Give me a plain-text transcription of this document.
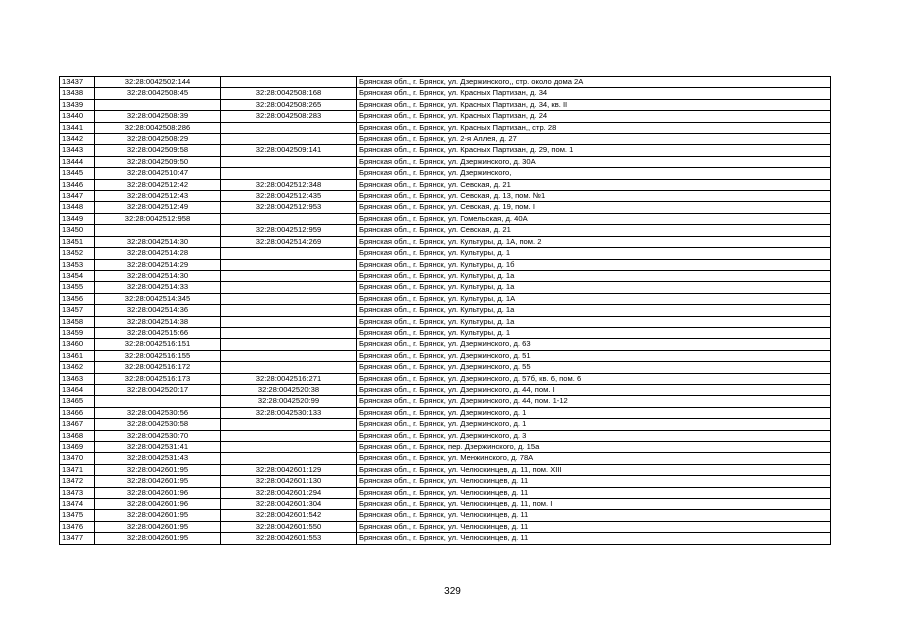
13437	32:28:0042502:144		Брянская обл., г. Брянск, ул. Дзержинского,, стр. около дома 2А
13438	32:28:0042508:45	32:28:0042508:168	Брянская обл., г. Брянск, ул. Красных Партизан, д. 34
13439		32:28:0042508:265	Брянская обл., г. Брянск, ул. Красных Партизан, д. 34, кв. II
13440	32:28:0042508:39	32:28:0042508:283	Брянская обл., г. Брянск, ул. Красных Партизан, д. 24
13441	32:28:0042508:286		Брянская обл., г. Брянск, ул. Красных Партизан,, стр. 28
13442	32:28:0042508:29		Брянская обл., г. Брянск, ул. 2-я Аллея, д. 27
13443	32:28:0042509:58	32:28:0042509:141	Брянская обл., г. Брянск, ул. Красных Партизан, д. 29, пом. 1
13444	32:28:0042509:50		Брянская обл., г. Брянск, ул. Дзержинского, д. 30А
13445	32:28:0042510:47		Брянская обл., г. Брянск, ул. Дзержинского,
13446	32:28:0042512:42	32:28:0042512:348	Брянская обл., г. Брянск, ул. Севская, д. 21
13447	32:28:0042512:43	32:28:0042512:435	Брянская обл., г. Брянск, ул. Севская, д. 13, пом. №1
13448	32:28:0042512:49	32:28:0042512:953	Брянская обл., г. Брянск, ул. Севская, д. 19, пом. I
13449	32:28:0042512:958		Брянская обл., г. Брянск, ул. Гомельская, д. 40А
13450		32:28:0042512:959	Брянская обл., г. Брянск, ул. Севская, д. 21
13451	32:28:0042514:30	32:28:0042514:269	Брянская обл., г. Брянск, ул. Культуры, д. 1А, пом. 2
13452	32:28:0042514:28		Брянская обл., г. Брянск, ул. Культуры, д. 1
13453	32:28:0042514:29		Брянская обл., г. Брянск, ул. Культуры, д. 1б
13454	32:28:0042514:30		Брянская обл., г. Брянск, ул. Культуры, д. 1а
13455	32:28:0042514:33		Брянская обл., г. Брянск, ул. Культуры, д. 1а
13456	32:28:0042514:345		Брянская обл., г. Брянск, ул. Культуры, д. 1А
13457	32:28:0042514:36		Брянская обл., г. Брянск, ул. Культуры, д. 1а
13458	32:28:0042514:38		Брянская обл., г. Брянск, ул. Культуры, д. 1а
13459	32:28:0042515:66		Брянская обл., г. Брянск, ул. Культуры, д. 1
13460	32:28:0042516:151		Брянская обл., г. Брянск, ул. Дзержинского, д. 63
13461	32:28:0042516:155		Брянская обл., г. Брянск, ул. Дзержинского, д. 51
13462	32:28:0042516:172		Брянская обл., г. Брянск, ул. Дзержинского, д. 55
13463	32:28:0042516:173	32:28:0042516:271	Брянская обл., г. Брянск, ул. Дзержинского, д. 57б, кв. 6, пом. 6
13464	32:28:0042520:17	32:28:0042520:38	Брянская обл., г. Брянск, ул. Дзержинского, д. 44, пом. I
13465		32:28:0042520:99	Брянская обл., г. Брянск, ул. Дзержинского, д. 44, пом. 1-12
13466	32:28:0042530:56	32:28:0042530:133	Брянская обл., г. Брянск, ул. Дзержинского, д. 1
13467	32:28:0042530:58		Брянская обл., г. Брянск, ул. Дзержинского, д. 1
13468	32:28:0042530:70		Брянская обл., г. Брянск, ул. Дзержинского, д. 3
13469	32:28:0042531:41		Брянская обл., г. Брянск, пер. Дзержинского, д. 15а
13470	32:28:0042531:43		Брянская обл., г. Брянск, ул. Менжинского, д. 78А
13471	32:28:0042601:95	32:28:0042601:129	Брянская обл., г. Брянск, ул. Челюскинцев, д. 11, пом. XIII
13472	32:28:0042601:95	32:28:0042601:130	Брянская обл., г. Брянск, ул. Челюскинцев, д. 11
13473	32:28:0042601:96	32:28:0042601:294	Брянская обл., г. Брянск, ул. Челюскинцев, д. 11
13474	32:28:0042601:96	32:28:0042601:304	Брянская обл., г. Брянск, ул. Челюскинцев, д. 11, пом. I
13475	32:28:0042601:95	32:28:0042601:542	Брянская обл., г. Брянск, ул. Челюскинцев, д. 11
13476	32:28:0042601:95	32:28:0042601:550	Брянская обл., г. Брянск, ул. Челюскинцев, д. 11
13477	32:28:0042601:95	32:28:0042601:553	Брянская обл., г. Брянск, ул. Челюскинцев, д. 11
329
